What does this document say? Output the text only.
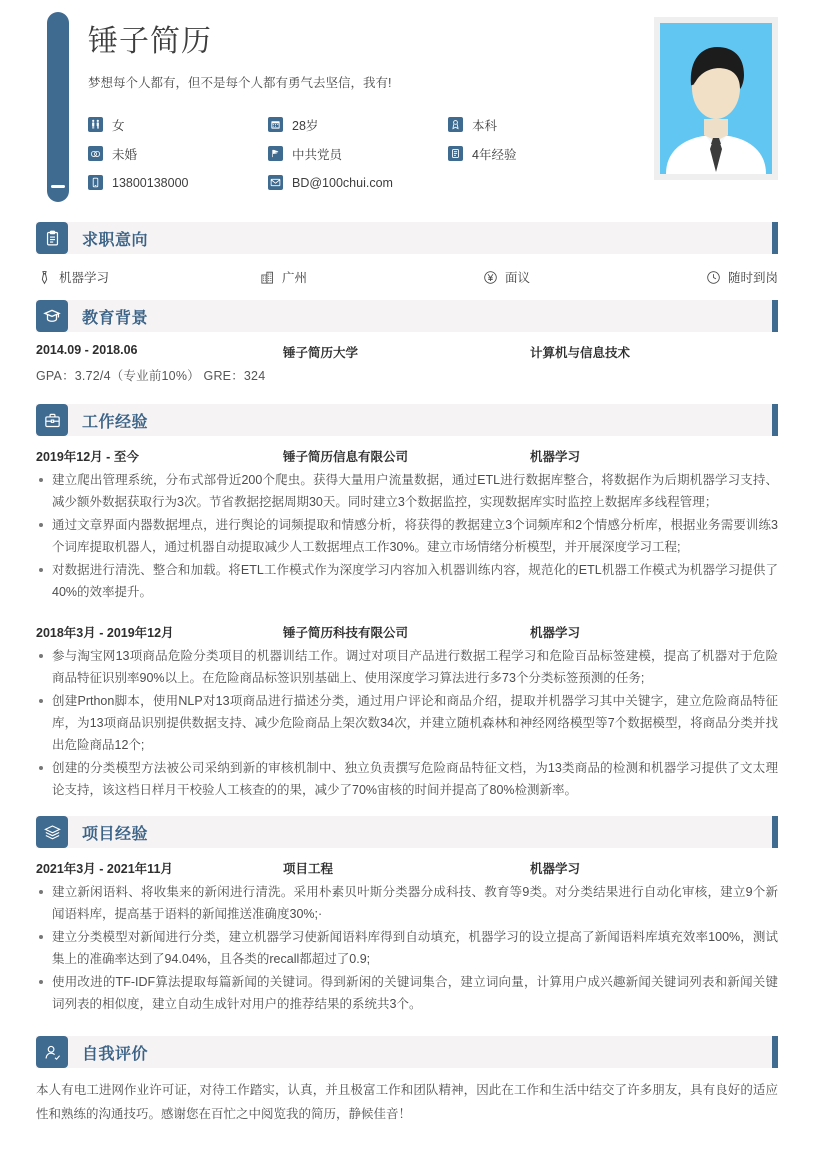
锤子简历
梦想每个人都有，但不是每个人都有勇气去坚信，我有!
女	28岁	本科
未婚	中共党员	4年经验
13800138000	BD@100chui.com
求职意向
机器学习	广州	面议	随时到岗
教育背景
2014.09 - 2018.06	锤子简历大学	计算机与信息技术
GPA：3.72/4（专业前10%） GRE：324
工作经验
2019年12月 - 至今	锤子简历信息有限公司	机器学习
建立爬出管理系统，分布式部骨近200个爬虫。获得大量用户流量数据，通过ETL进行数据库整合，将数据作为后期机器学习支持、减少额外数据获取行为3次。节省教据挖据周期30天。同时建立3个数据监控，实现数据库实时监控上数据库多线程管理；
通过文章界面内器数据埋点，进行舆论的词频提取和情感分析，将获得的教据建立3个词频库和2个情感分析库，根据业务需要训练3个词库提取机器人，通过机器自动提取减少人工数据埋点工作30%。建立市场情绪分析模型，并开展深度学习工程;
对数据进行清洗、整合和加载。将ETL工作模式作为深度学习内容加入机器训练内容，规范化的ETL机器工作模式为机器学习提供了40%的效率提升。
2018年3月 - 2019年12月	锤子简历科技有限公司	机器学习
参与淘宝网13项商品危险分类项目的机器训结工作。调过对项目产品进行数据工程学习和危险百品标签建模，提高了机器对于危险商品特征识别率90%以上。在危险商品标签识别基础上、使用深度学习算法进行多73个分类标签预测的任务;
创建Prthon脚本，使用NLP对13项商品进行描述分类，通过用户评论和商品介绍，提取并机器学习其中关键字，建立危险商品特征库，为13项商品识别提供数据支持、减少危险商品上架次数34次，并建立随机森林和神经网络模型等7个数据模型，将商品分类并找出危险商品12个;
创建的分类模型方法被公司采纳到新的审核机制中、独立负责撰写危险商品特征文档，为13类商品的检测和机器学习提供了文太理论支持，该这档日样月干校验人工核查的的果，减少了70%宙核的时间并提高了80%检测新率。
项目经验
2021年3月 - 2021年11月	项目工程	机器学习
建立新闲语料、将收集来的新闲进行清洗。采用朴素贝叶斯分类器分成科技、教育等9类。对分类结果进行自动化审核，建立9个新闻语料库，提高基于语料的新闻推送准确度30%;·
建立分类模型对新闻进行分类，建立机器学习使新闻语料库得到自动填充，机器学习的设立提高了新闻语料库填充效率100%，测试集上的准确率达到了94.04%，且各类的recall都超过了0.9;
使用改进的TF-IDF算法提取每篇新闻的关键词。得到新闲的关键词集合，建立词向量，计算用户成兴趣新闻关键词列表和新闻关键词列表的相似度，建立自动生成针对用户的推荐结果的系统共3个。
自我评价
本人有电工进网作业许可证，对待工作踏实，认真，并且极富工作和团队精神，因此在工作和生活中结交了许多朋友，具有良好的适应性和熟练的沟通技巧。感谢您在百忙之中阅览我的简历，静候佳音！
